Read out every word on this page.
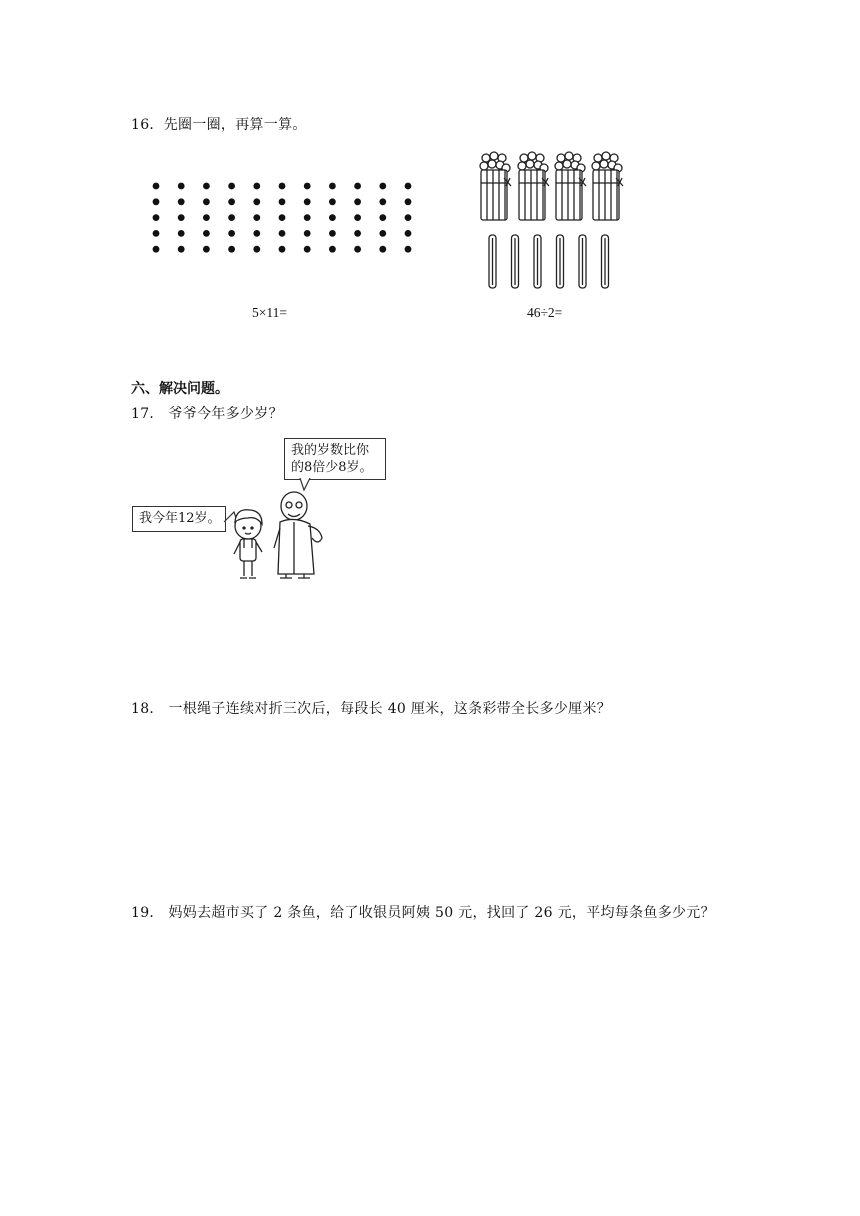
16．先圈一圈，再算一算。
5×11=	46÷2=
六、解决问题。
17． 爷爷今年多少岁？
我今年12岁。
我的岁数比你
的8倍少8岁。
18． 一根绳子连续对折三次后，每段长 40 厘米，这条彩带全长多少厘米？
19． 妈妈去超市买了 2 条鱼，给了收银员阿姨 50 元，找回了 26 元，平均每条鱼多少元？
